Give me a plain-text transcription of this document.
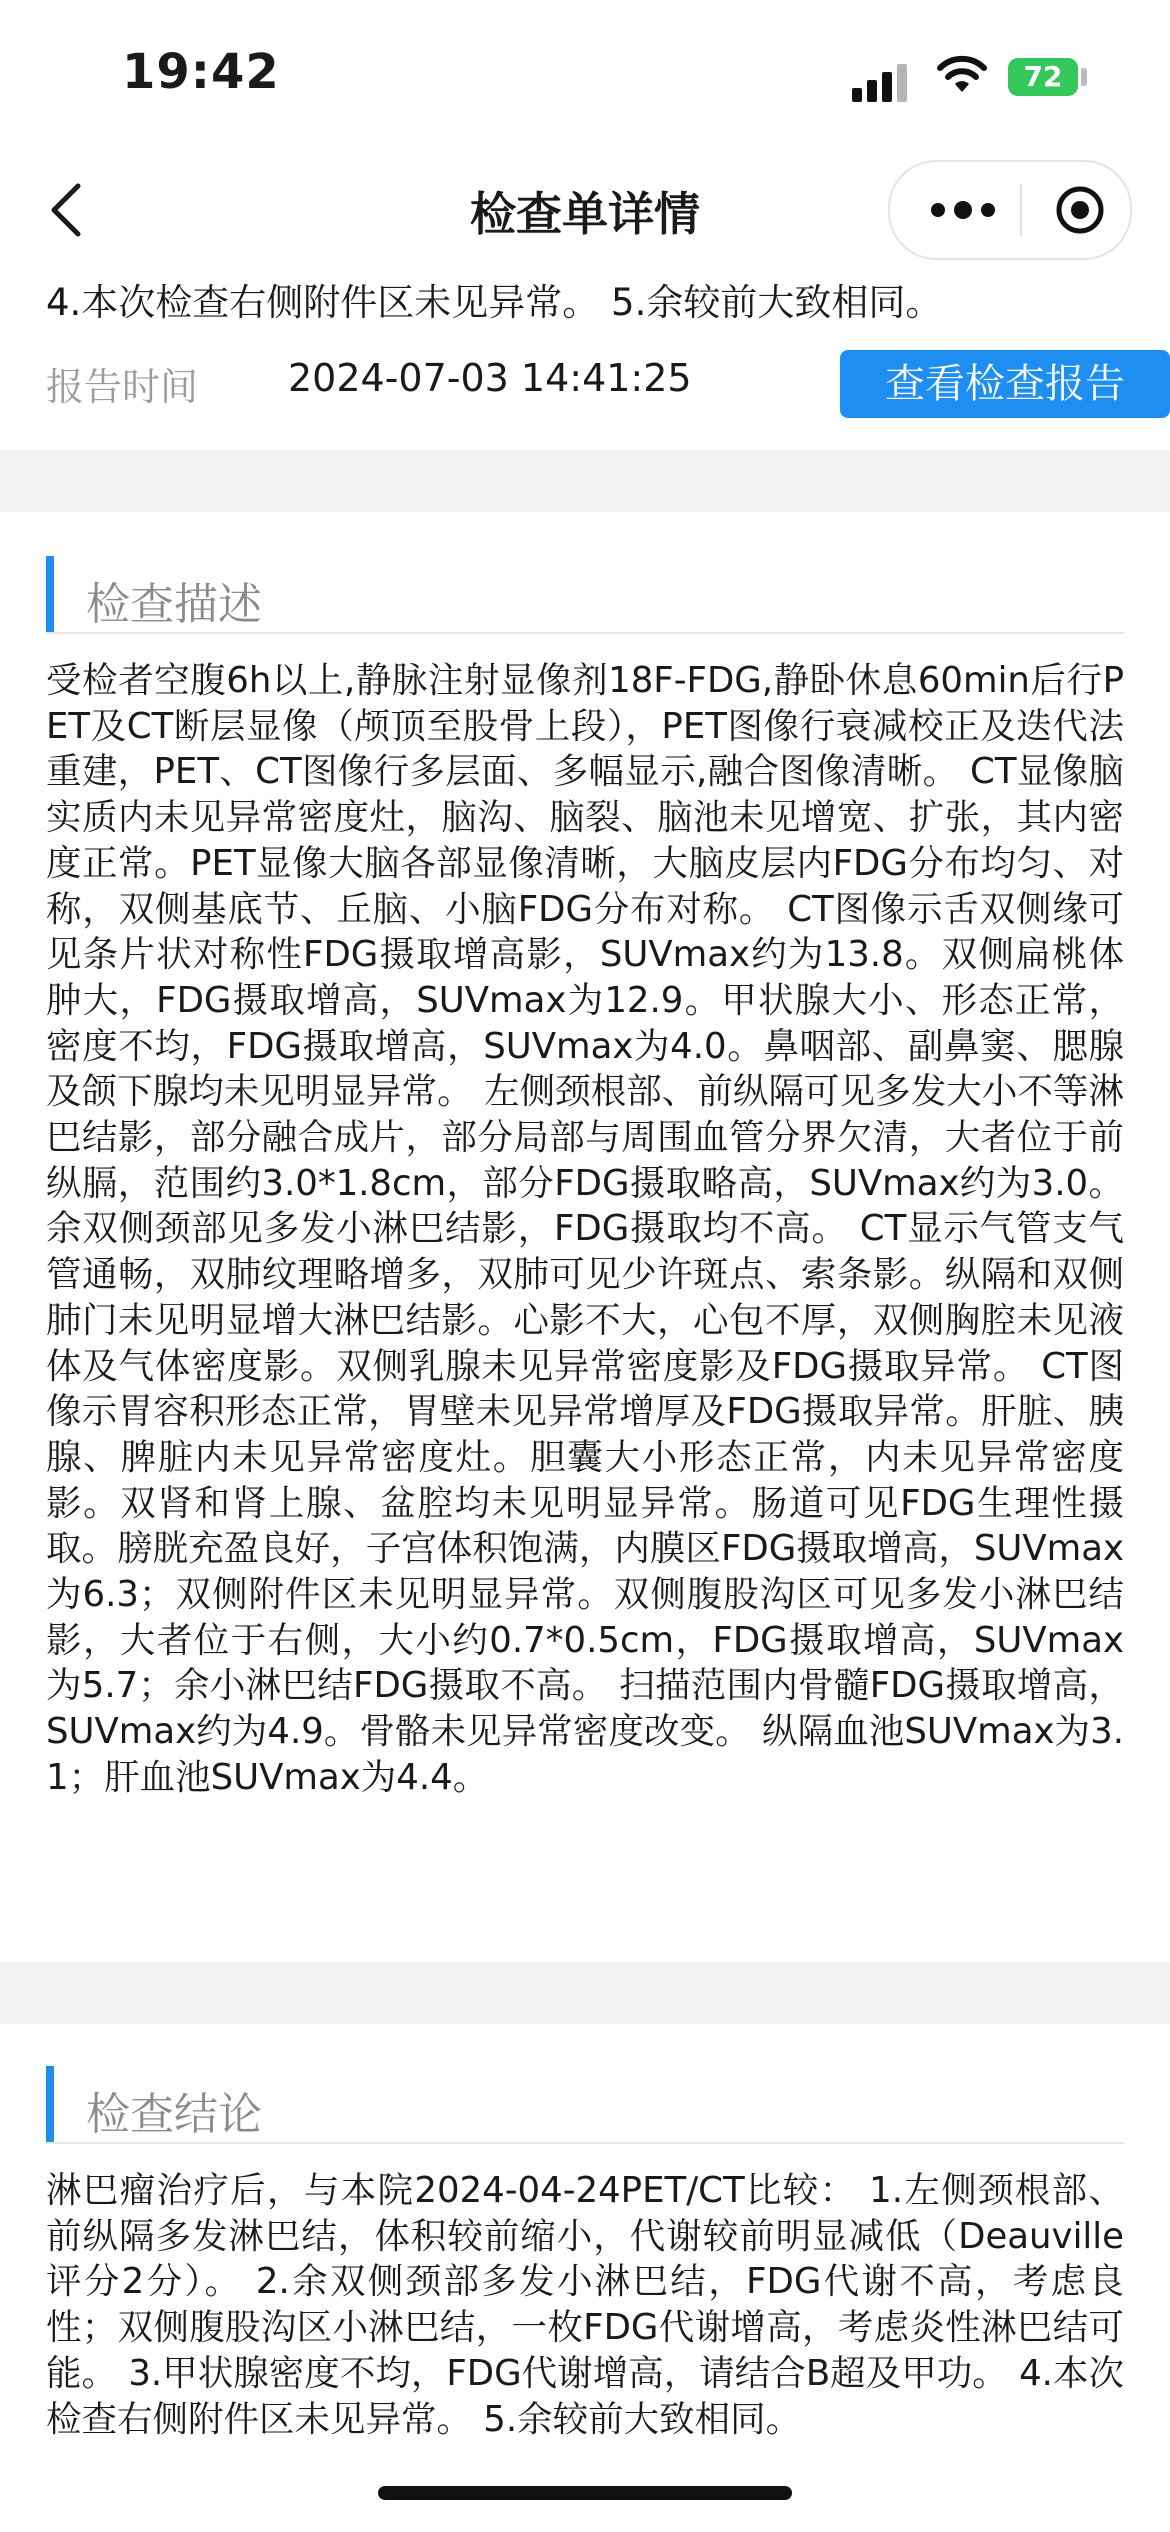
19:42	72
检查单详情
4.本次检查右侧附件区未见异常。 5.余较前大致相同。
报告时间 2024-07-03 14:41:25	查看检查报告
检查描述
受检者空腹6h以上,静脉注射显像剂18F-FDG,静卧休息60min后行PET及CT断层显像（颅顶至股骨上段），PET图像行衰减校正及迭代法重建，PET、CT图像行多层面、多幅显示,融合图像清晰。 CT显像脑实质内未见异常密度灶，脑沟、脑裂、脑池未见增宽、扩张，其内密度正常。PET显像大脑各部显像清晰，大脑皮层内FDG分布均匀、对称，双侧基底节、丘脑、小脑FDG分布对称。 CT图像示舌双侧缘可见条片状对称性FDG摄取增高影，SUVmax约为13.8。双侧扁桃体肿大，FDG摄取增高，SUVmax为12.9。甲状腺大小、形态正常，密度不均，FDG摄取增高，SUVmax为4.0。鼻咽部、副鼻窦、腮腺及颌下腺均未见明显异常。 左侧颈根部、前纵隔可见多发大小不等淋巴结影，部分融合成片，部分局部与周围血管分界欠清，大者位于前纵膈，范围约3.0*1.8cm，部分FDG摄取略高，SUVmax约为3.0。余双侧颈部见多发小淋巴结影，FDG摄取均不高。 CT显示气管支气管通畅，双肺纹理略增多，双肺可见少许斑点、索条影。纵隔和双侧肺门未见明显增大淋巴结影。心影不大，心包不厚，双侧胸腔未见液体及气体密度影。双侧乳腺未见异常密度影及FDG摄取异常。 CT图像示胃容积形态正常，胃壁未见异常增厚及FDG摄取异常。肝脏、胰腺、脾脏内未见异常密度灶。胆囊大小形态正常，内未见异常密度影。双肾和肾上腺、盆腔均未见明显异常。肠道可见FDG生理性摄取。膀胱充盈良好，子宫体积饱满，内膜区FDG摄取增高，SUVmax为6.3；双侧附件区未见明显异常。双侧腹股沟区可见多发小淋巴结影，大者位于右侧，大小约0.7*0.5cm，FDG摄取增高，SUVmax为5.7；余小淋巴结FDG摄取不高。 扫描范围内骨髓FDG摄取增高，SUVmax约为4.9。骨骼未见异常密度改变。 纵隔血池SUVmax为3.1；肝血池SUVmax为4.4。
检查结论
淋巴瘤治疗后，与本院2024-04-24PET/CT比较： 1.左侧颈根部、前纵隔多发淋巴结，体积较前缩小，代谢较前明显减低（Deauville评分2分）。 2.余双侧颈部多发小淋巴结，FDG代谢不高，考虑良性；双侧腹股沟区小淋巴结，一枚FDG代谢增高，考虑炎性淋巴结可能。 3.甲状腺密度不均，FDG代谢增高，请结合B超及甲功。 4.本次检查右侧附件区未见异常。 5.余较前大致相同。
